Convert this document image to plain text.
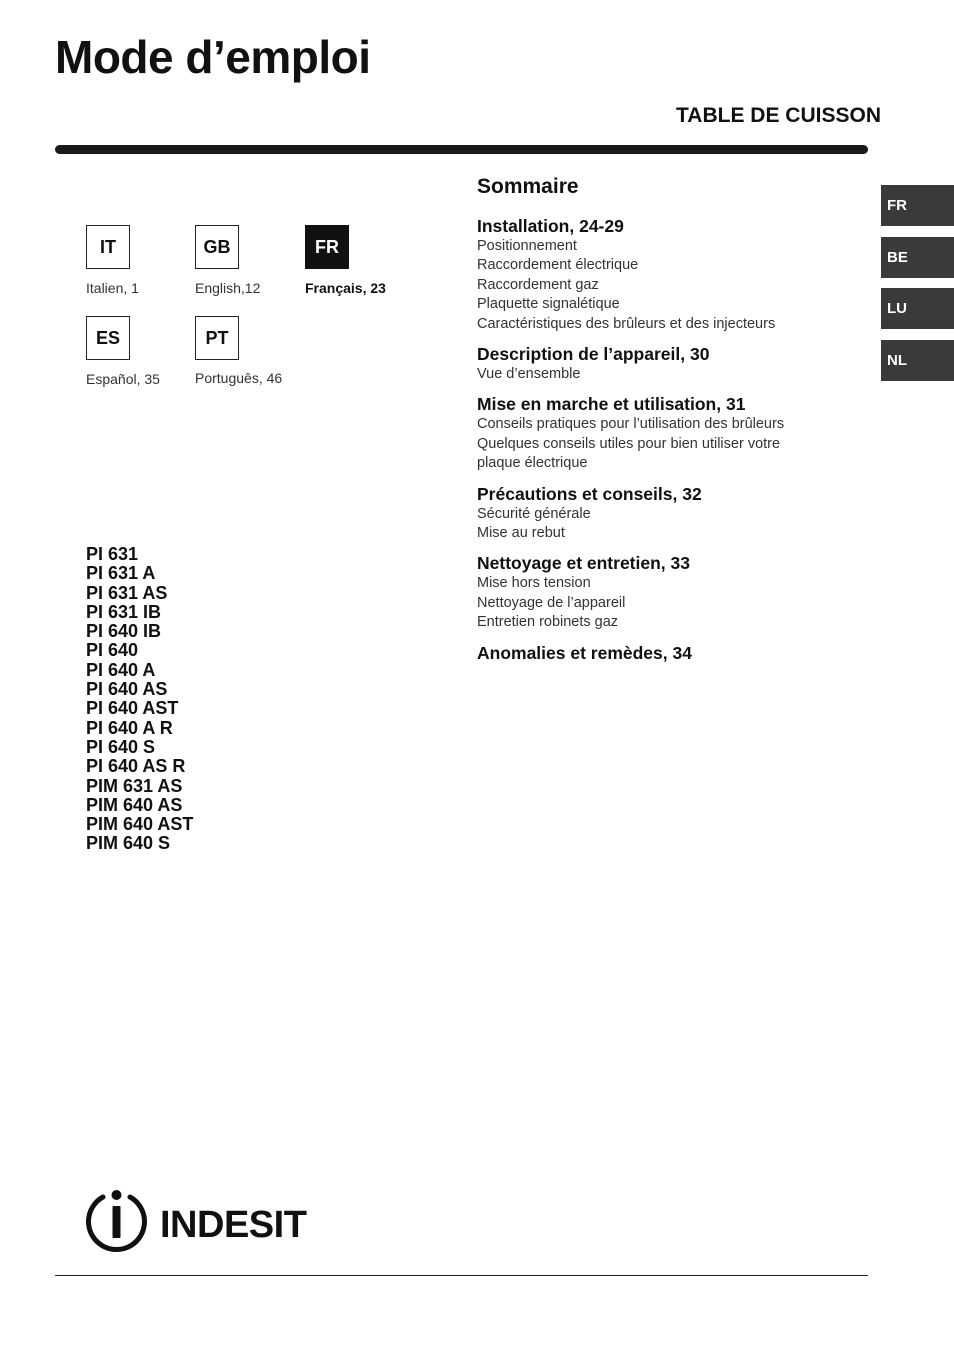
Mode d’emploi
TABLE DE CUISSON
IT	GB	FR
ES	PT
Italien, 1	English,12	Français, 23
Español, 35	Português, 46
PI 631
PI 631 A
PI 631 AS
PI 631 IB
PI 640 IB
PI 640
PI 640 A
PI 640 AS
PI 640 AST
PI 640 A R
PI 640 S
PI 640 AS R
PIM 631 AS
PIM 640 AS
PIM 640 AST
PIM 640 S
Sommaire
Installation, 24-29
Positionnement
Raccordement électrique
Raccordement gaz
Plaquette signalétique
Caractéristiques des brûleurs et des injecteurs
Description de l’appareil, 30
Vue d’ensemble
Mise en marche et utilisation, 31
Conseils pratiques pour l’utilisation des brûleurs
Quelques conseils utiles pour bien utiliser votre
plaque électrique
Précautions et conseils, 32
Sécurité générale
Mise au rebut
Nettoyage et entretien, 33
Mise hors tension
Nettoyage de l’appareil
Entretien robinets gaz
Anomalies et remèdes, 34
FR
BE
LU
NL
INDESIT
